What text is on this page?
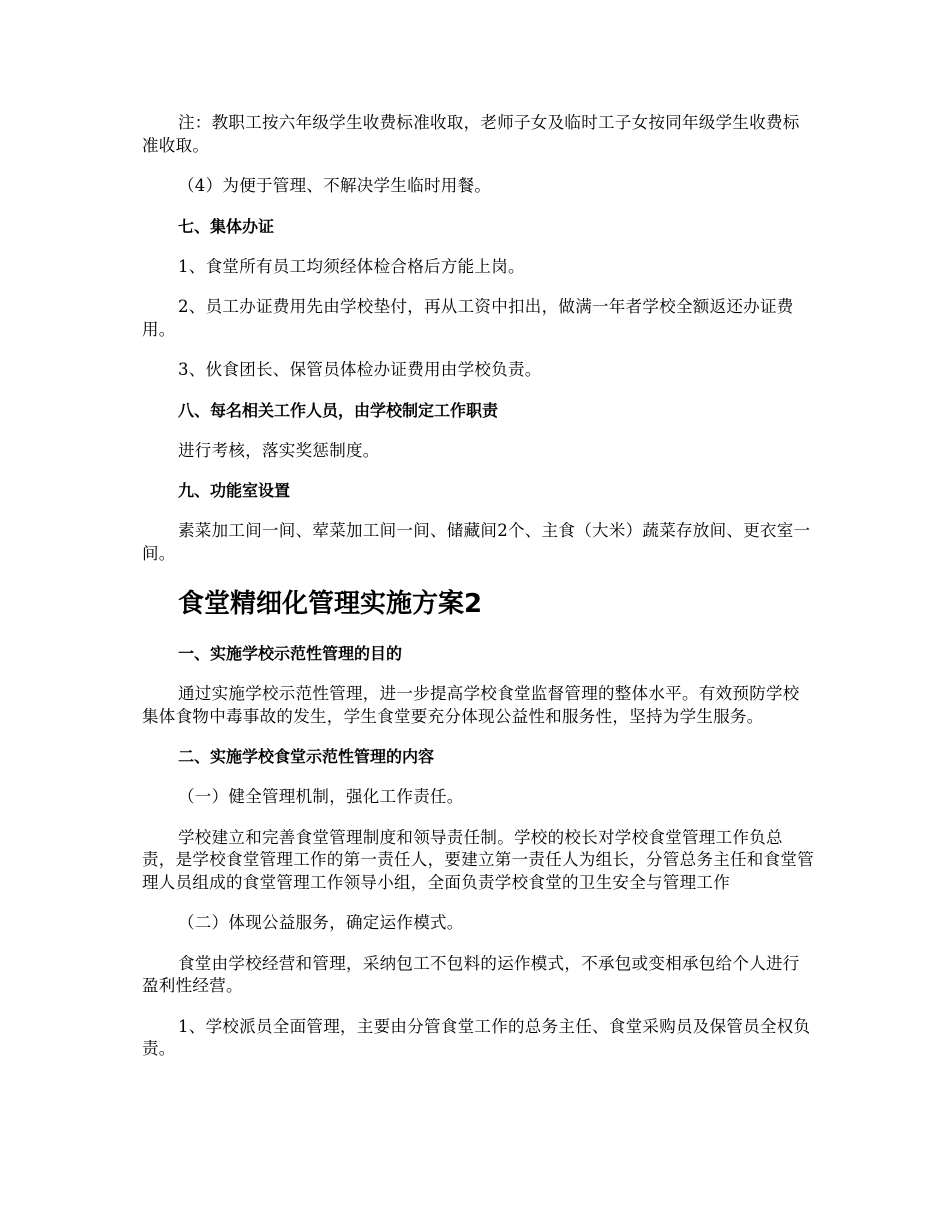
注：教职工按六年级学生收费标准收取，老师子女及临时工子女按同年级学生收费标准收取。

（4）为便于管理、不解决学生临时用餐。

七、集体办证

1、食堂所有员工均须经体检合格后方能上岗。

2、员工办证费用先由学校垫付，再从工资中扣出，做满一年者学校全额返还办证费用。

3、伙食团长、保管员体检办证费用由学校负责。

八、每名相关工作人员，由学校制定工作职责

进行考核，落实奖惩制度。

九、功能室设置

素菜加工间一间、荤菜加工间一间、储藏间2个、主食（大米）蔬菜存放间、更衣室一间。

食堂精细化管理实施方案2
一、实施学校示范性管理的目的

通过实施学校示范性管理，进一步提高学校食堂监督管理的整体水平。有效预防学校集体食物中毒事故的发生，学生食堂要充分体现公益性和服务性，坚持为学生服务。

二、实施学校食堂示范性管理的内容

（一）健全管理机制，强化工作责任。

学校建立和完善食堂管理制度和领导责任制。学校的校长对学校食堂管理工作负总责，是学校食堂管理工作的第一责任人，要建立第一责任人为组长，分管总务主任和食堂管理人员组成的食堂管理工作领导小组，全面负责学校食堂的卫生安全与管理工作

（二）体现公益服务，确定运作模式。

食堂由学校经营和管理，采纳包工不包料的运作模式，不承包或变相承包给个人进行盈利性经营。

1、学校派员全面管理，主要由分管食堂工作的总务主任、食堂采购员及保管员全权负责。
